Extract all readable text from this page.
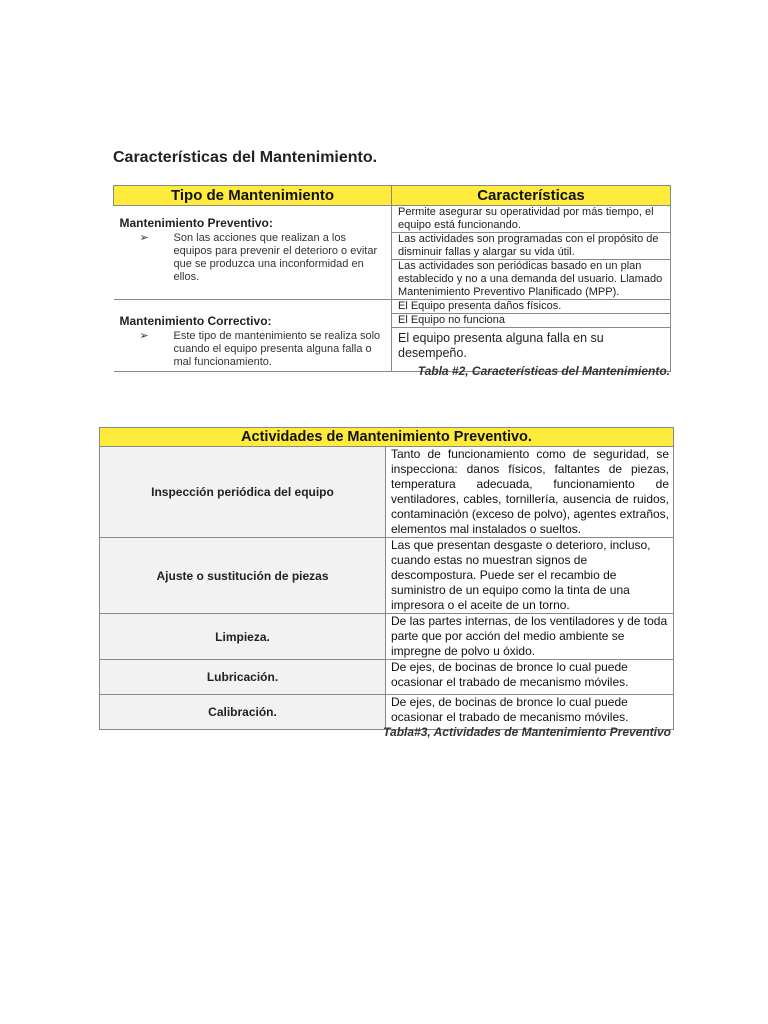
Características del Mantenimiento.
Tipo de Mantenimiento	Características

Mantenimiento Preventivo:
➢ Son las acciones que realizan a los equipos para prevenir el deterioro o evitar que se produzca una inconformidad en ellos.	Permite asegurar su operatividad por más tiempo, el equipo está funcionando.
	Las actividades son programadas con el propósito de disminuir fallas y alargar su vida útil.
	Las actividades son periódicas basado en un plan establecido y no a una demanda del usuario. Llamado Mantenimiento Preventivo Planificado (MPP).

Mantenimiento Correctivo:
➢ Este tipo de mantenimiento se realiza solo cuando el equipo presenta alguna falla o mal funcionamiento.	El Equipo presenta daños físicos.
	El Equipo no funciona
	El equipo presenta alguna falla en su desempeño.
Tabla #2, Características del Mantenimiento.
Actividades de Mantenimiento Preventivo.	
Inspección periódica del equipo	Tanto de funcionamiento como de seguridad, se inspecciona: danos físicos, faltantes de piezas, temperatura adecuada, funcionamiento de ventiladores, cables, tornillería, ausencia de ruidos, contaminación (exceso de polvo), agentes extraños, elementos mal instalados o sueltos.
Ajuste o sustitución de piezas	Las que presentan desgaste o deterioro, incluso, cuando estas no muestran signos de descompostura. Puede ser el recambio de suministro de un equipo como la tinta de una impresora o el aceite de un torno.
Limpieza.	De las partes internas, de los ventiladores y de toda parte que por acción del medio ambiente se impregne de polvo u óxido.
Lubricación.	De ejes, de bocinas de bronce lo cual puede ocasionar el trabado de mecanismo móviles.
Calibración.	De ejes, de bocinas de bronce lo cual puede ocasionar el trabado de mecanismo móviles.
Tabla#3, Actividades de Mantenimiento Preventivo
